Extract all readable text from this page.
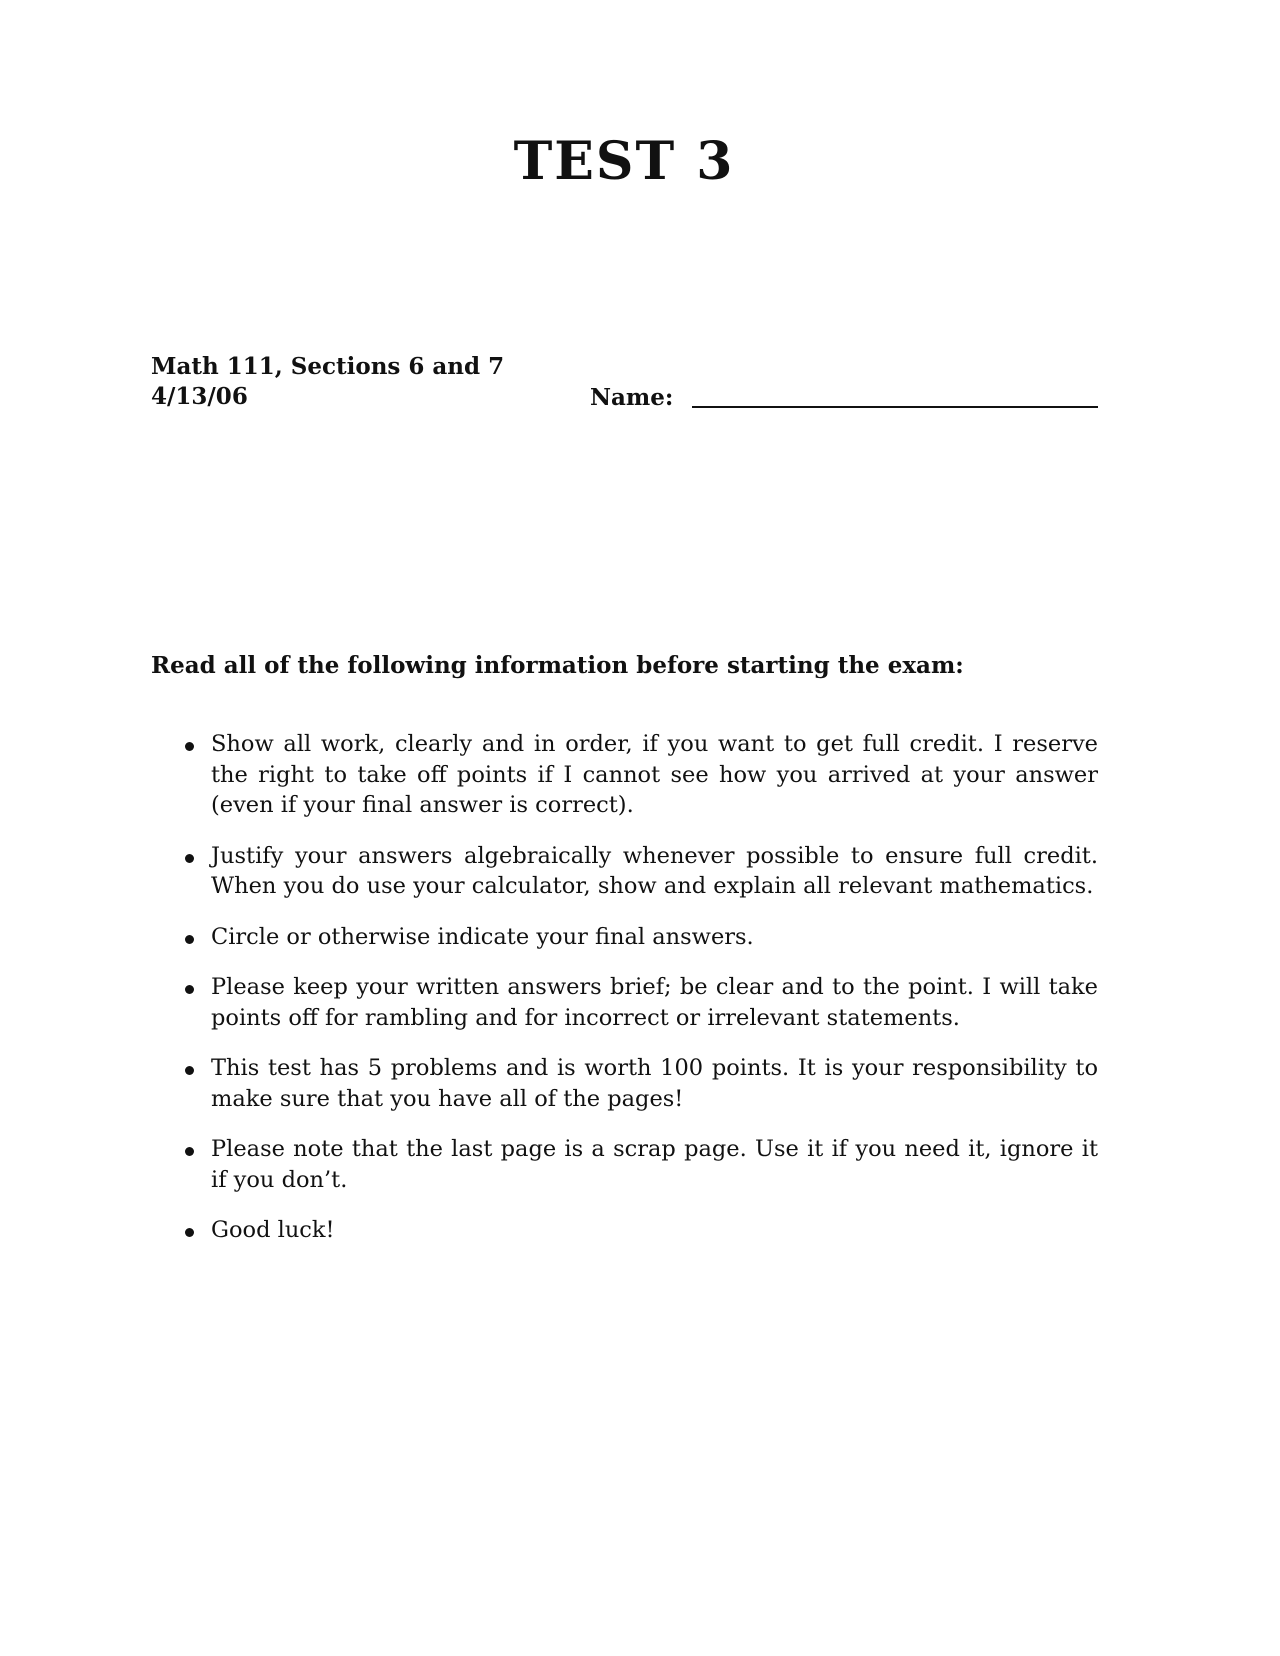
TEST 3
Math 111, Sections 6 and 7
4/13/06	Name:
Read all of the following information before starting the exam:
Show all work, clearly and in order, if you want to get full credit. I reserve the right to take off points if I cannot see how you arrived at your answer (even if your final answer is correct).
Justify your answers algebraically whenever possible to ensure full credit. When you do use your calculator, show and explain all relevant mathematics.
Circle or otherwise indicate your final answers.
Please keep your written answers brief; be clear and to the point. I will take points off for rambling and for incorrect or irrelevant statements.
This test has 5 problems and is worth 100 points. It is your responsibility to make sure that you have all of the pages!
Please note that the last page is a scrap page. Use it if you need it, ignore it if you don’t.
Good luck!
